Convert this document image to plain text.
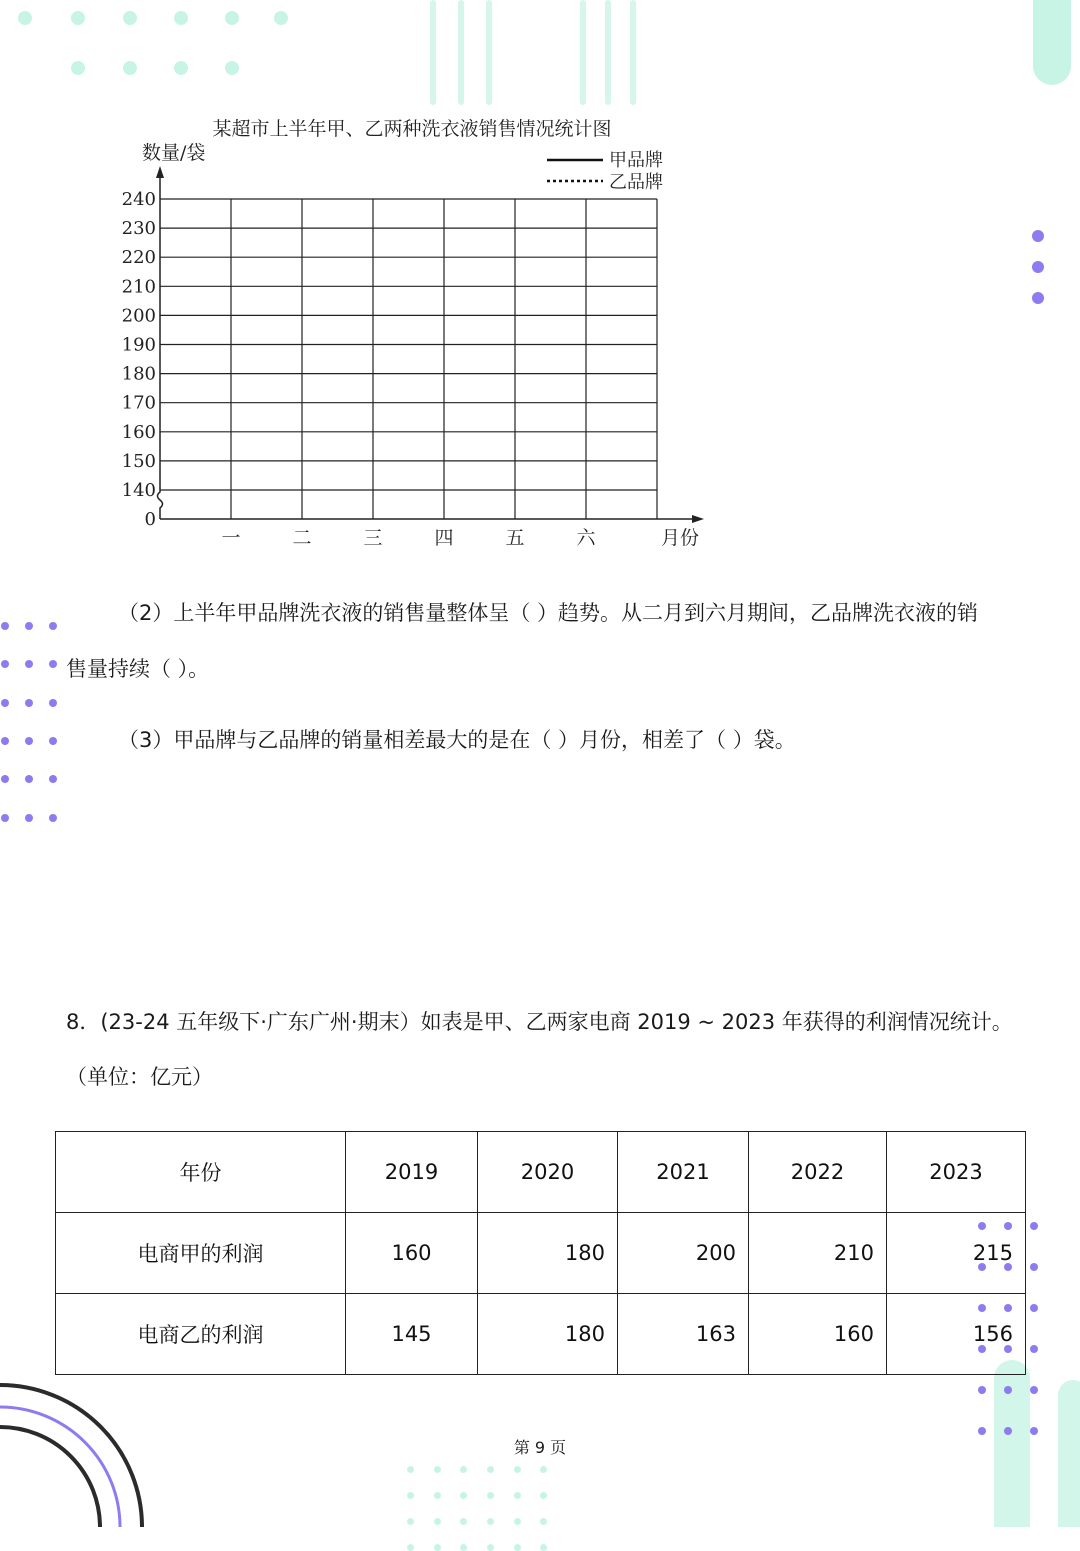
某超市上半年甲、乙两种洗衣液销售情况统计图
数量/袋	甲品牌
乙品牌
0
140
150
160
170
180
190
200
210
220
230
240
一	二	三	四	五	六	月份
（2）上半年甲品牌洗衣液的销售量整体呈（ ）趋势。从二月到六月期间，乙品牌洗衣液的销
售量持续（ ）。
（3）甲品牌与乙品牌的销量相差最大的是在（ ）月份，相差了（ ）袋。
8．(23-24 五年级下·广东广州·期末）如表是甲、乙两家电商 2019 ~ 2023 年获得的利润情况统计。
（单位：亿元）
年份	2019	2020	2021	2022	2023
电商甲的利润	160	180	200	210	215
电商乙的利润	145	180	163	160	156
第 9 页
